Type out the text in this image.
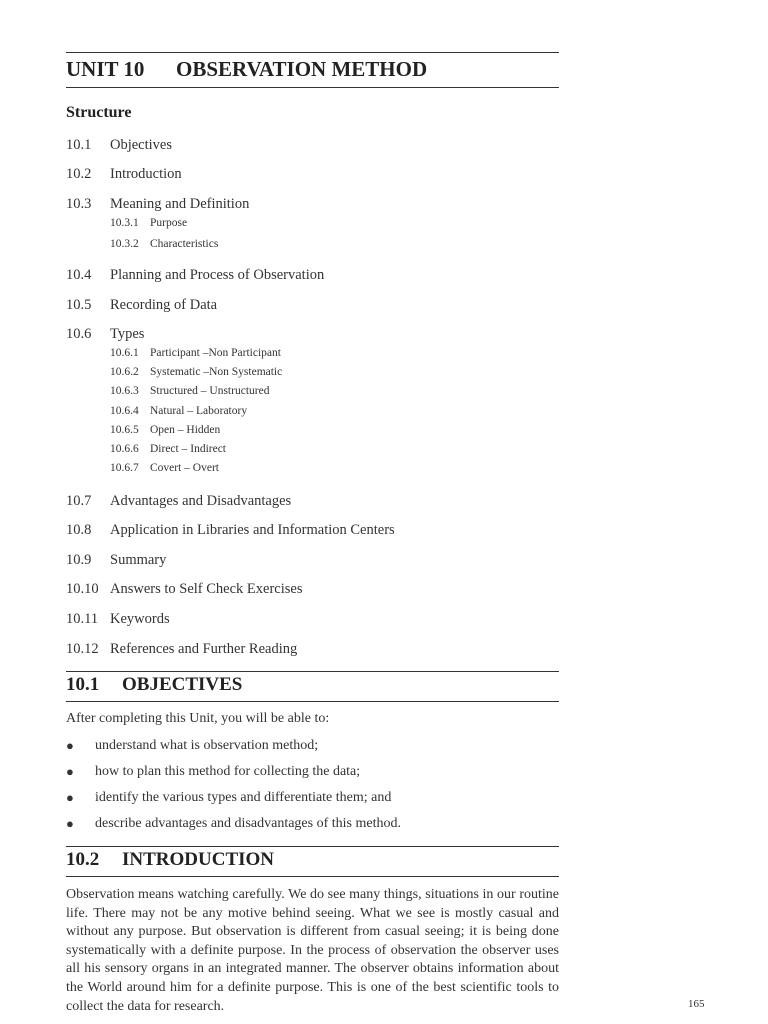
UNIT 10 OBSERVATION METHOD
Structure
10.1 Objectives
10.2 Introduction
10.3 Meaning and Definition
10.3.1 Purpose
10.3.2 Characteristics
10.4 Planning and Process of Observation
10.5 Recording of Data
10.6 Types
10.6.1 Participant –Non Participant
10.6.2 Systematic –Non Systematic
10.6.3 Structured – Unstructured
10.6.4 Natural – Laboratory
10.6.5 Open – Hidden
10.6.6 Direct – Indirect
10.6.7 Covert – Overt
10.7 Advantages and Disadvantages
10.8 Application in Libraries and Information Centers
10.9 Summary
10.10 Answers to Self Check Exercises
10.11 Keywords
10.12 References and Further Reading
10.1 OBJECTIVES
After completing this Unit, you will be able to:
● understand what is observation method;
● how to plan this method for collecting the data;
● identify the various types and differentiate them; and
● describe advantages and disadvantages of this method.
10.2 INTRODUCTION
Observation means watching carefully. We do see many things, situations in our routine
life. There may not be any motive behind seeing. What we see is mostly casual and
without any purpose. But observation is different from casual seeing; it is being done
systematically with a definite purpose. In the process of observation the observer uses
all his sensory organs in an integrated manner. The observer obtains information about
the World around him for a definite purpose. This is one of the best scientific tools to
collect the data for research.	165
